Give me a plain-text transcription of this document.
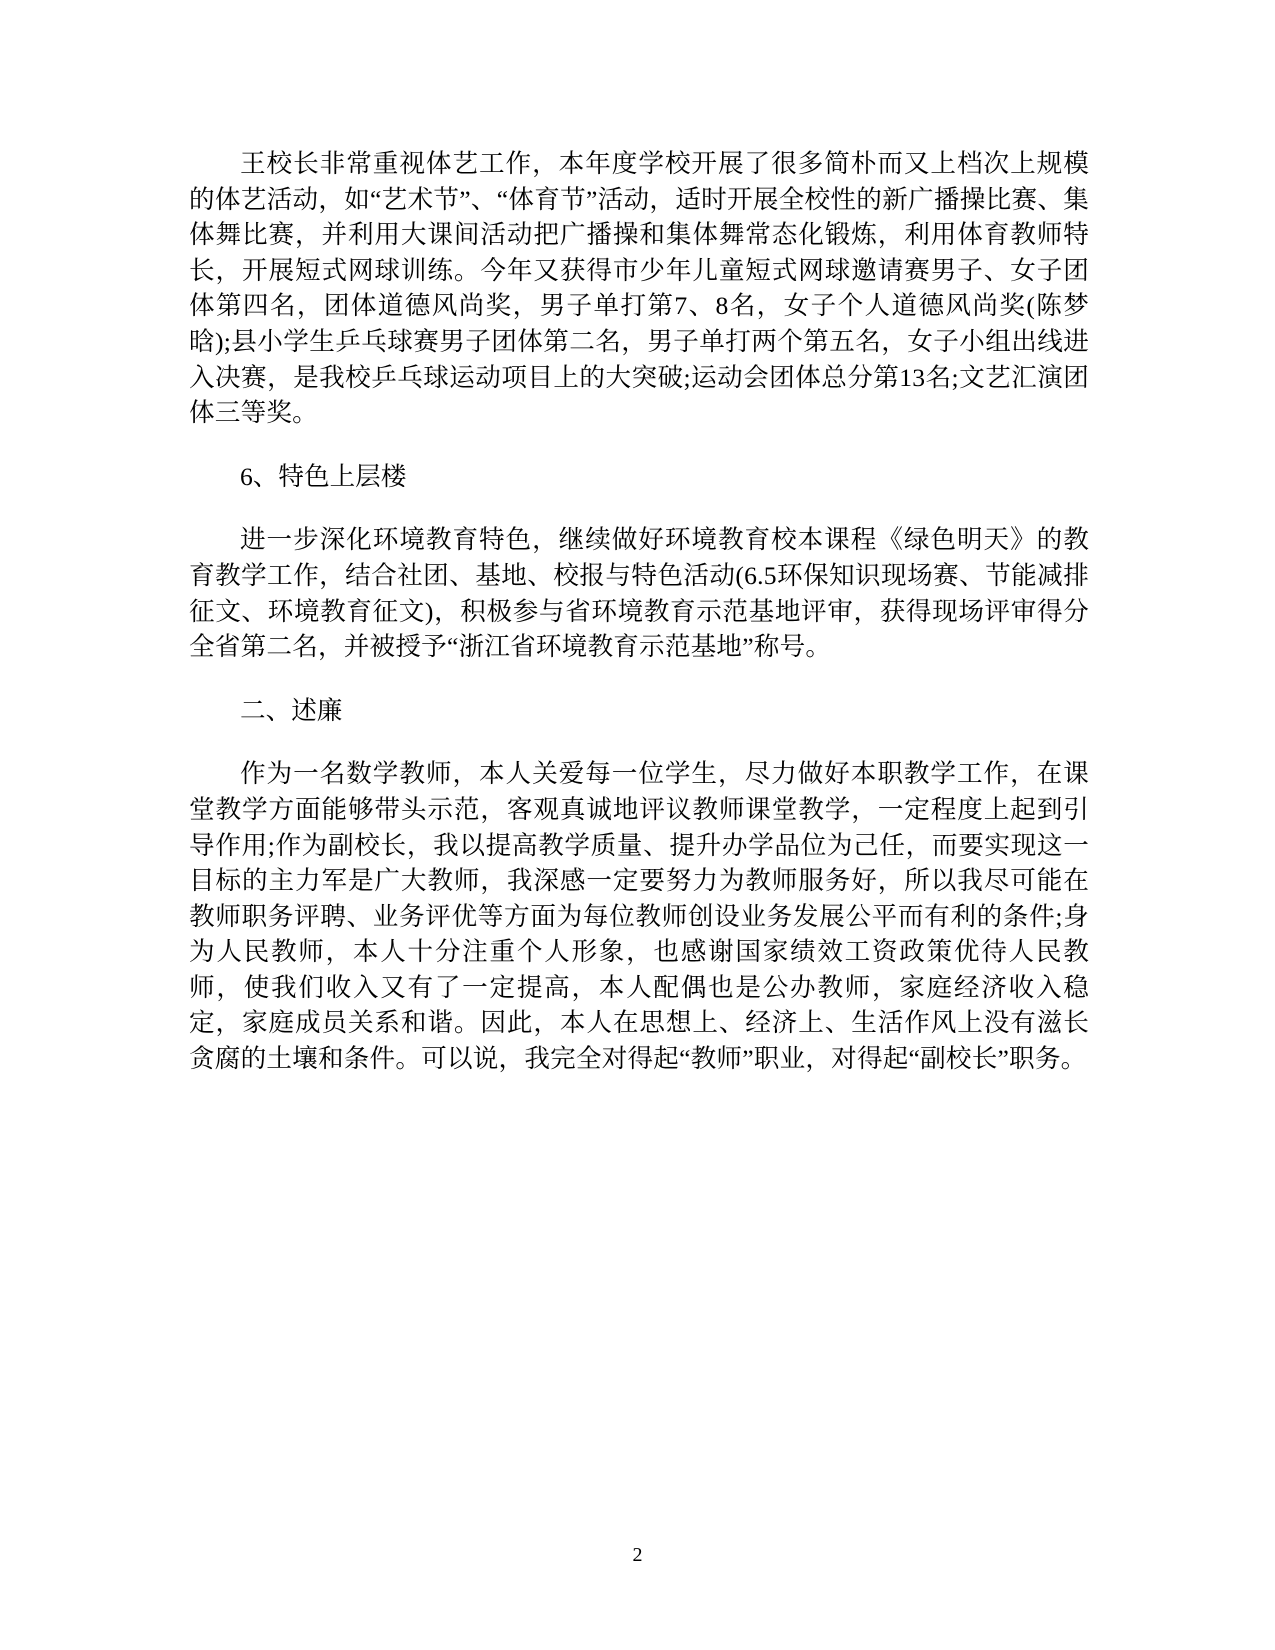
王校长非常重视体艺工作，本年度学校开展了很多简朴而又上档次上规模的体艺活动，如“艺术节”、“体育节”活动，适时开展全校性的新广播操比赛、集体舞比赛，并利用大课间活动把广播操和集体舞常态化锻炼，利用体育教师特长，开展短式网球训练。今年又获得市少年儿童短式网球邀请赛男子、女子团体第四名，团体道德风尚奖，男子单打第7、8名，女子个人道德风尚奖(陈梦晗);县小学生乒乓球赛男子团体第二名，男子单打两个第五名，女子小组出线进入决赛，是我校乒乓球运动项目上的大突破;运动会团体总分第13名;文艺汇演团体三等奖。

6、特色上层楼

进一步深化环境教育特色，继续做好环境教育校本课程《绿色明天》的教育教学工作，结合社团、基地、校报与特色活动(6.5环保知识现场赛、节能减排征文、环境教育征文)，积极参与省环境教育示范基地评审，获得现场评审得分全省第二名，并被授予“浙江省环境教育示范基地”称号。

二、述廉

作为一名数学教师，本人关爱每一位学生，尽力做好本职教学工作，在课堂教学方面能够带头示范，客观真诚地评议教师课堂教学，一定程度上起到引导作用;作为副校长，我以提高教学质量、提升办学品位为己任，而要实现这一目标的主力军是广大教师，我深感一定要努力为教师服务好，所以我尽可能在教师职务评聘、业务评优等方面为每位教师创设业务发展公平而有利的条件;身为人民教师，本人十分注重个人形象，也感谢国家绩效工资政策优待人民教师，使我们收入又有了一定提高，本人配偶也是公办教师，家庭经济收入稳定，家庭成员关系和谐。因此，本人在思想上、经济上、生活作风上没有滋长贪腐的土壤和条件。可以说，我完全对得起“教师”职业，对得起“副校长”职务。

2
